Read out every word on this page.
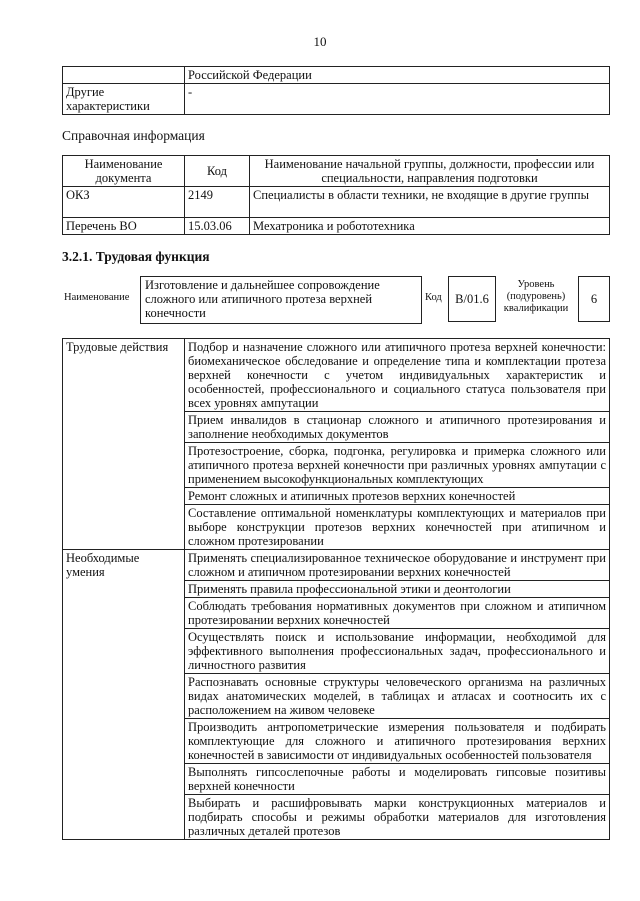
10
	Российской Федерации
Другие характеристики	-
Справочная информация
Наименование документа	Код	Наименование начальной группы, должности, профессии или специальности, направления подготовки
ОКЗ	2149	Специалисты в области техники, не входящие в другие группы
Перечень ВО	15.03.06	Мехатроника и робототехника
3.2.1. Трудовая функция
Наименование
Изготовление и дальнейшее сопровождение сложного или атипичного протеза верхней конечности
Код	B/01.6
Уровень (подуровень) квалификации
6
Трудовые действия	Подбор и назначение сложного или атипичного протеза верхней конечности: биомеханическое обследование и определение типа и комплектации протеза верхней конечности с учетом индивидуальных характеристик и особенностей, профессионального и социального статуса пользователя при всех уровнях ампутации
	Прием инвалидов в стационар сложного и атипичного протезирования и заполнение необходимых документов
	Протезостроение, сборка, подгонка, регулировка и примерка сложного или атипичного протеза верхней конечности при различных уровнях ампутации с применением высокофункциональных комплектующих
	Ремонт сложных и атипичных протезов верхних конечностей
	Составление оптимальной номенклатуры комплектующих и материалов при выборе конструкции протезов верхних конечностей при атипичном и сложном протезировании
Необходимые умения	Применять специализированное техническое оборудование и инструмент при сложном и атипичном протезировании верхних конечностей
	Применять правила профессиональной этики и деонтологии
	Соблюдать требования нормативных документов при сложном и атипичном протезировании верхних конечностей
	Осуществлять поиск и использование информации, необходимой для эффективного выполнения профессиональных задач, профессионального и личностного развития
	Распознавать основные структуры человеческого организма на различных видах анатомических моделей, в таблицах и атласах и соотносить их с расположением на живом человеке
	Производить антропометрические измерения пользователя и подбирать комплектующие для сложного и атипичного протезирования верхних конечностей в зависимости от индивидуальных особенностей пользователя
	Выполнять гипсослепочные работы и моделировать гипсовые позитивы верхней конечности
	Выбирать и расшифровывать марки конструкционных материалов и подбирать способы и режимы обработки материалов для изготовления различных деталей протезов
